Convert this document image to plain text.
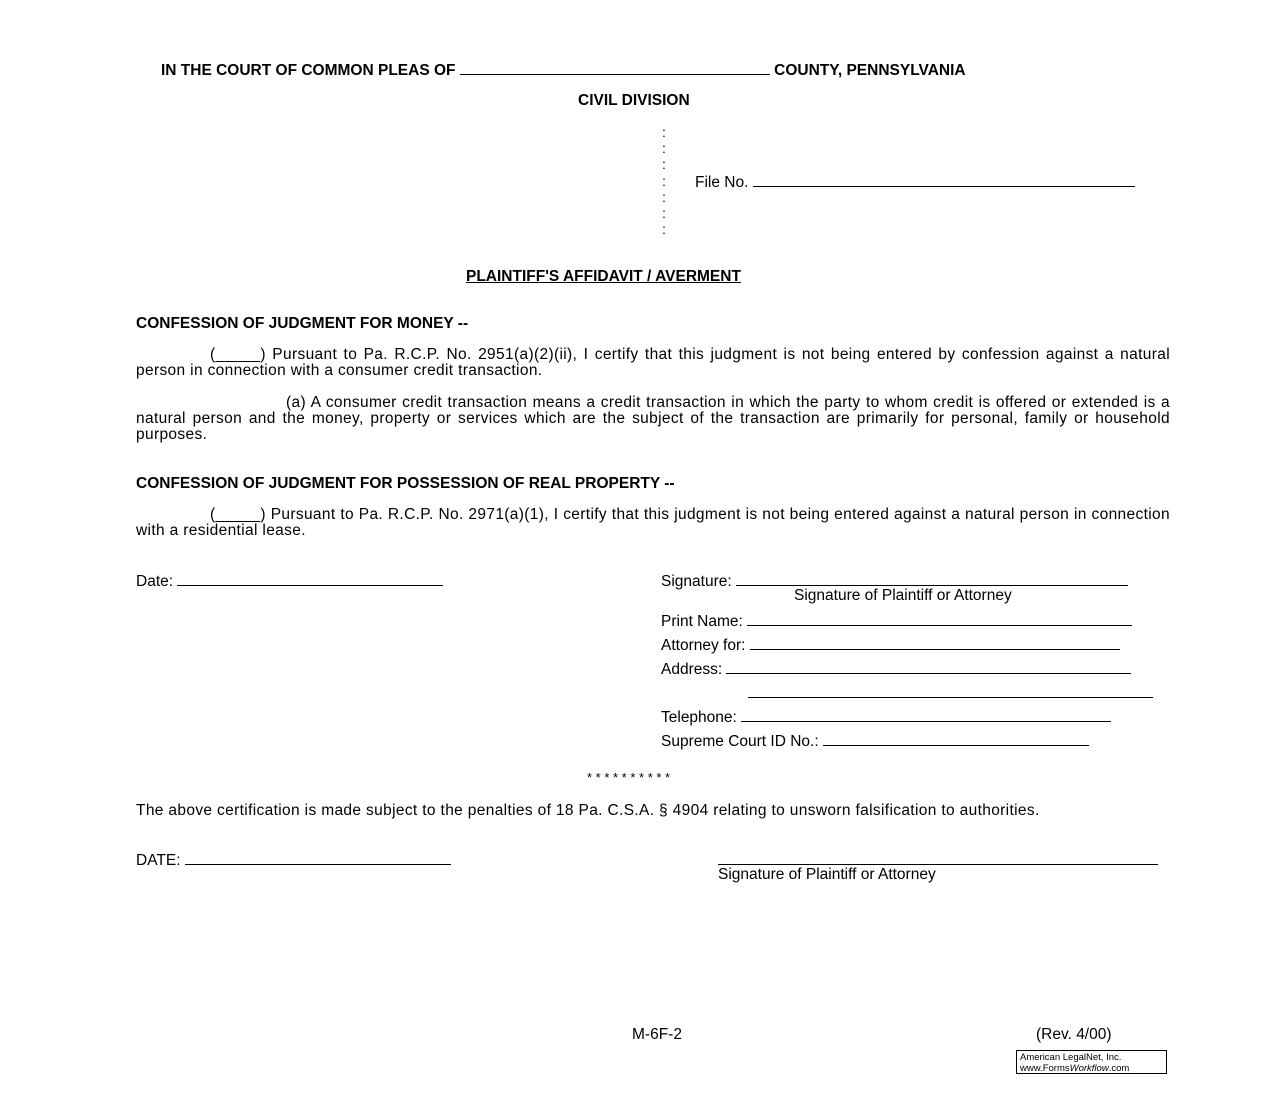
IN THE COURT OF COMMON PLEAS OF	COUNTY, PENNSYLVANIA
CIVIL DIVISION
:
:
:
:
:
:
:
File No.
PLAINTIFF'S AFFIDAVIT / AVERMENT
CONFESSION OF JUDGMENT FOR MONEY --
(_____) Pursuant to Pa. R.C.P. No. 2951(a)(2)(ii), I certify that this judgment is not being entered by confession against a natural person in connection with a consumer credit transaction.
(a) A consumer credit transaction means a credit transaction in which the party to whom credit is offered or extended is a natural person and the money, property or services which are the subject of the transaction are primarily for personal, family or household purposes.
CONFESSION OF JUDGMENT FOR POSSESSION OF REAL PROPERTY --
(_____) Pursuant to Pa. R.C.P. No. 2971(a)(1), I certify that this judgment is not being entered against a natural person in connection with a residential lease.
Date:	Signature:
Signature of Plaintiff or Attorney
Print Name:
Attorney for:
Address:
Telephone:
Supreme Court ID No.:
* * * * * * * * * *
The above certification is made subject to the penalties of 18 Pa. C.S.A. § 4904 relating to unsworn falsification to authorities.
DATE:
Signature of Plaintiff or Attorney
M-6F-2	(Rev. 4/00)
American LegalNet, Inc.
www.FormsWorkflow.com
